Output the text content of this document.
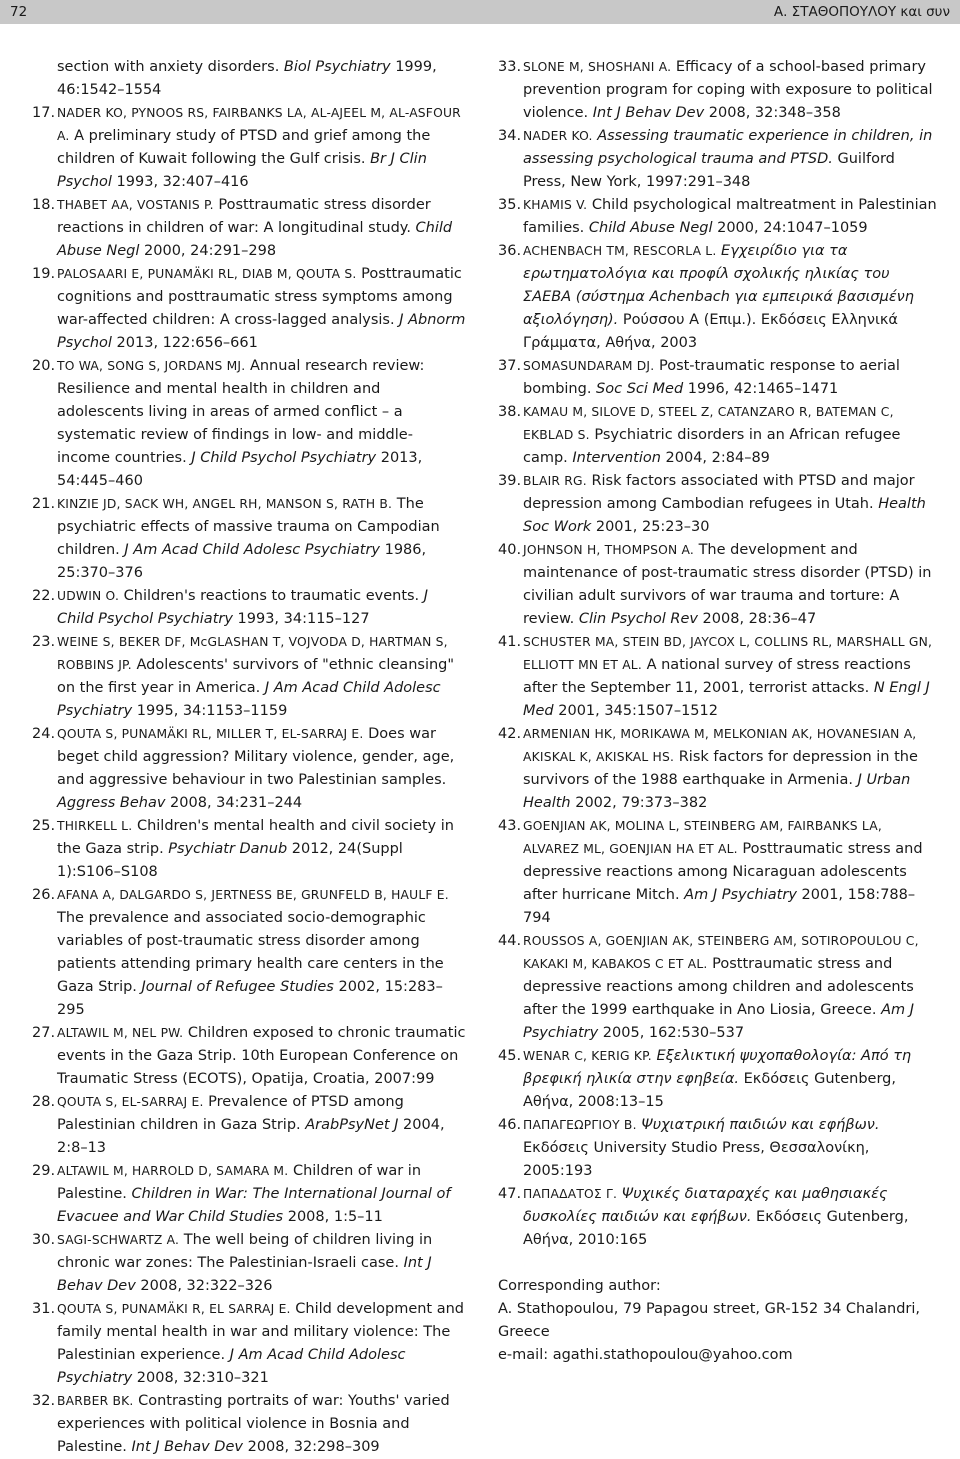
72	Α. ΣΤΑΘΟΠΟΥΛΟΥ και συν
section with anxiety disorders. Biol Psychiatry 1999, 46:1542–1554
17. NADER KO, PYNOOS RS, FAIRBANKS LA, AL-AJEEL M, AL-ASFOUR A. A preliminary study of PTSD and grief among the children of Kuwait following the Gulf crisis. Br J Clin Psychol 1993, 32:407–416
18. THABET AA, VOSTANIS P. Posttraumatic stress disorder reactions in children of war: A longitudinal study. Child Abuse Negl 2000, 24:291–298
19. PALOSAARI E, PUNAMÄKI RL, DIAB M, QOUTA S. Posttraumatic cognitions and posttraumatic stress symptoms among war-affected children: A cross-lagged analysis. J Abnorm Psychol 2013, 122:656–661
20. TO WA, SONG S, JORDANS MJ. Annual research review: Resilience and mental health in children and adolescents living in areas of armed conflict – a systematic review of findings in low- and middle-income countries. J Child Psychol Psychiatry 2013, 54:445–460
21. KINZIE JD, SACK WH, ANGEL RH, MANSON S, RATH B. The psychiatric effects of massive trauma on Campodian children. J Am Acad Child Adolesc Psychiatry 1986, 25:370–376
22. UDWIN O. Children's reactions to traumatic events. J Child Psychol Psychiatry 1993, 34:115–127
23. WEINE S, BEKER DF, McGLASHAN T, VOJVODA D, HARTMAN S, ROBBINS JP. Adolescents' survivors of "ethnic cleansing" on the first year in America. J Am Acad Child Adolesc Psychiatry 1995, 34:1153–1159
24. QOUTA S, PUNAMÄKI RL, MILLER T, EL-SARRAJ E. Does war beget child aggression? Military violence, gender, age, and aggressive behaviour in two Palestinian samples. Aggress Behav 2008, 34:231–244
25. THIRKELL L. Children's mental health and civil society in the Gaza strip. Psychiatr Danub 2012, 24(Suppl 1):S106–S108
26. AFANA A, DALGARDO S, JERTNESS BE, GRUNFELD B, HAULF E. The prevalence and associated socio-demographic variables of post-traumatic stress disorder among patients attending primary health care centers in the Gaza Strip. Journal of Refugee Studies 2002, 15:283–295
27. ALTAWIL M, NEL PW. Children exposed to chronic traumatic events in the Gaza Strip. 10th European Conference on Traumatic Stress (ECOTS), Opatija, Croatia, 2007:99
28. QOUTA S, EL-SARRAJ E. Prevalence of PTSD among Palestinian children in Gaza Strip. ArabPsyNet J 2004, 2:8–13
29. ALTAWIL M, HARROLD D, SAMARA M. Children of war in Palestine. Children in War: The International Journal of Evacuee and War Child Studies 2008, 1:5–11
30. SAGI-SCHWARTZ A. The well being of children living in chronic war zones: The Palestinian-Israeli case. Int J Behav Dev 2008, 32:322–326
31. QOUTA S, PUNAMÄKI R, EL SARRAJ E. Child development and family mental health in war and military violence: The Palestinian experience. J Am Acad Child Adolesc Psychiatry 2008, 32:310–321
32. BARBER BK. Contrasting portraits of war: Youths' varied experiences with political violence in Bosnia and Palestine. Int J Behav Dev 2008, 32:298–309
33. SLONE M, SHOSHANI A. Efficacy of a school-based primary prevention program for coping with exposure to political violence. Int J Behav Dev 2008, 32:348–358
34. NADER KO. Assessing traumatic experience in children, in assessing psychological trauma and PTSD. Guilford Press, New York, 1997:291–348
35. KHAMIS V. Child psychological maltreatment in Palestinian families. Child Abuse Negl 2000, 24:1047–1059
36. ACHENBACH TM, RESCORLA L. Εγχειρίδιο για τα ερωτηματολόγια και προφίλ σχολικής ηλικίας του ΣΑΕΒΑ (σύστημα Achenbach για εμπειρικά βασισμένη αξιολόγηση). Ρούσσου Α (Επιμ.). Εκδόσεις Ελληνικά Γράμματα, Αθήνα, 2003
37. SOMASUNDARAM DJ. Post-traumatic response to aerial bombing. Soc Sci Med 1996, 42:1465–1471
38. KAMAU M, SILOVE D, STEEL Z, CATANZARO R, BATEMAN C, EKBLAD S. Psychiatric disorders in an African refugee camp. Intervention 2004, 2:84–89
39. BLAIR RG. Risk factors associated with PTSD and major depression among Cambodian refugees in Utah. Health Soc Work 2001, 25:23–30
40. JOHNSON H, THOMPSON A. The development and maintenance of post-traumatic stress disorder (PTSD) in civilian adult survivors of war trauma and torture: A review. Clin Psychol Rev 2008, 28:36–47
41. SCHUSTER MA, STEIN BD, JAYCOX L, COLLINS RL, MARSHALL GN, ELLIOTT MN ET AL. A national survey of stress reactions after the September 11, 2001, terrorist attacks. N Engl J Med 2001, 345:1507–1512
42. ARMENIAN HK, MORIKAWA M, MELKONIAN AK, HOVANESIAN A, AKISKAL K, AKISKAL HS. Risk factors for depression in the survivors of the 1988 earthquake in Armenia. J Urban Health 2002, 79:373–382
43. GOENJIAN AK, MOLINA L, STEINBERG AM, FAIRBANKS LA, ALVAREZ ML, GOENJIAN HA ET AL. Posttraumatic stress and depressive reactions among Nicaraguan adolescents after hurricane Mitch. Am J Psychiatry 2001, 158:788–794
44. ROUSSOS A, GOENJIAN AK, STEINBERG AM, SOTIROPOULOU C, KAKAKI M, KABAKOS C ET AL. Posttraumatic stress and depressive reactions among children and adolescents after the 1999 earthquake in Ano Liosia, Greece. Am J Psychiatry 2005, 162:530–537
45. WENAR C, KERIG KP. Εξελικτική ψυχοπαθολογία: Από τη βρεφική ηλικία στην εφηβεία. Εκδόσεις Gutenberg, Αθήνα, 2008:13–15
46. ΠΑΠΑΓΕΩΡΓΙΟΥ Β. Ψυχιατρική παιδιών και εφήβων. Εκδόσεις University Studio Press, Θεσσαλονίκη, 2005:193
47. ΠΑΠΑΔΑΤΟΣ Γ. Ψυχικές διαταραχές και μαθησιακές δυσκολίες παιδιών και εφήβων. Εκδόσεις Gutenberg, Αθήνα, 2010:165
Corresponding author:
A. Stathopoulou, 79 Papagou street, GR-152 34 Chalandri,
Greece
e-mail: agathi.stathopoulou@yahoo.com
